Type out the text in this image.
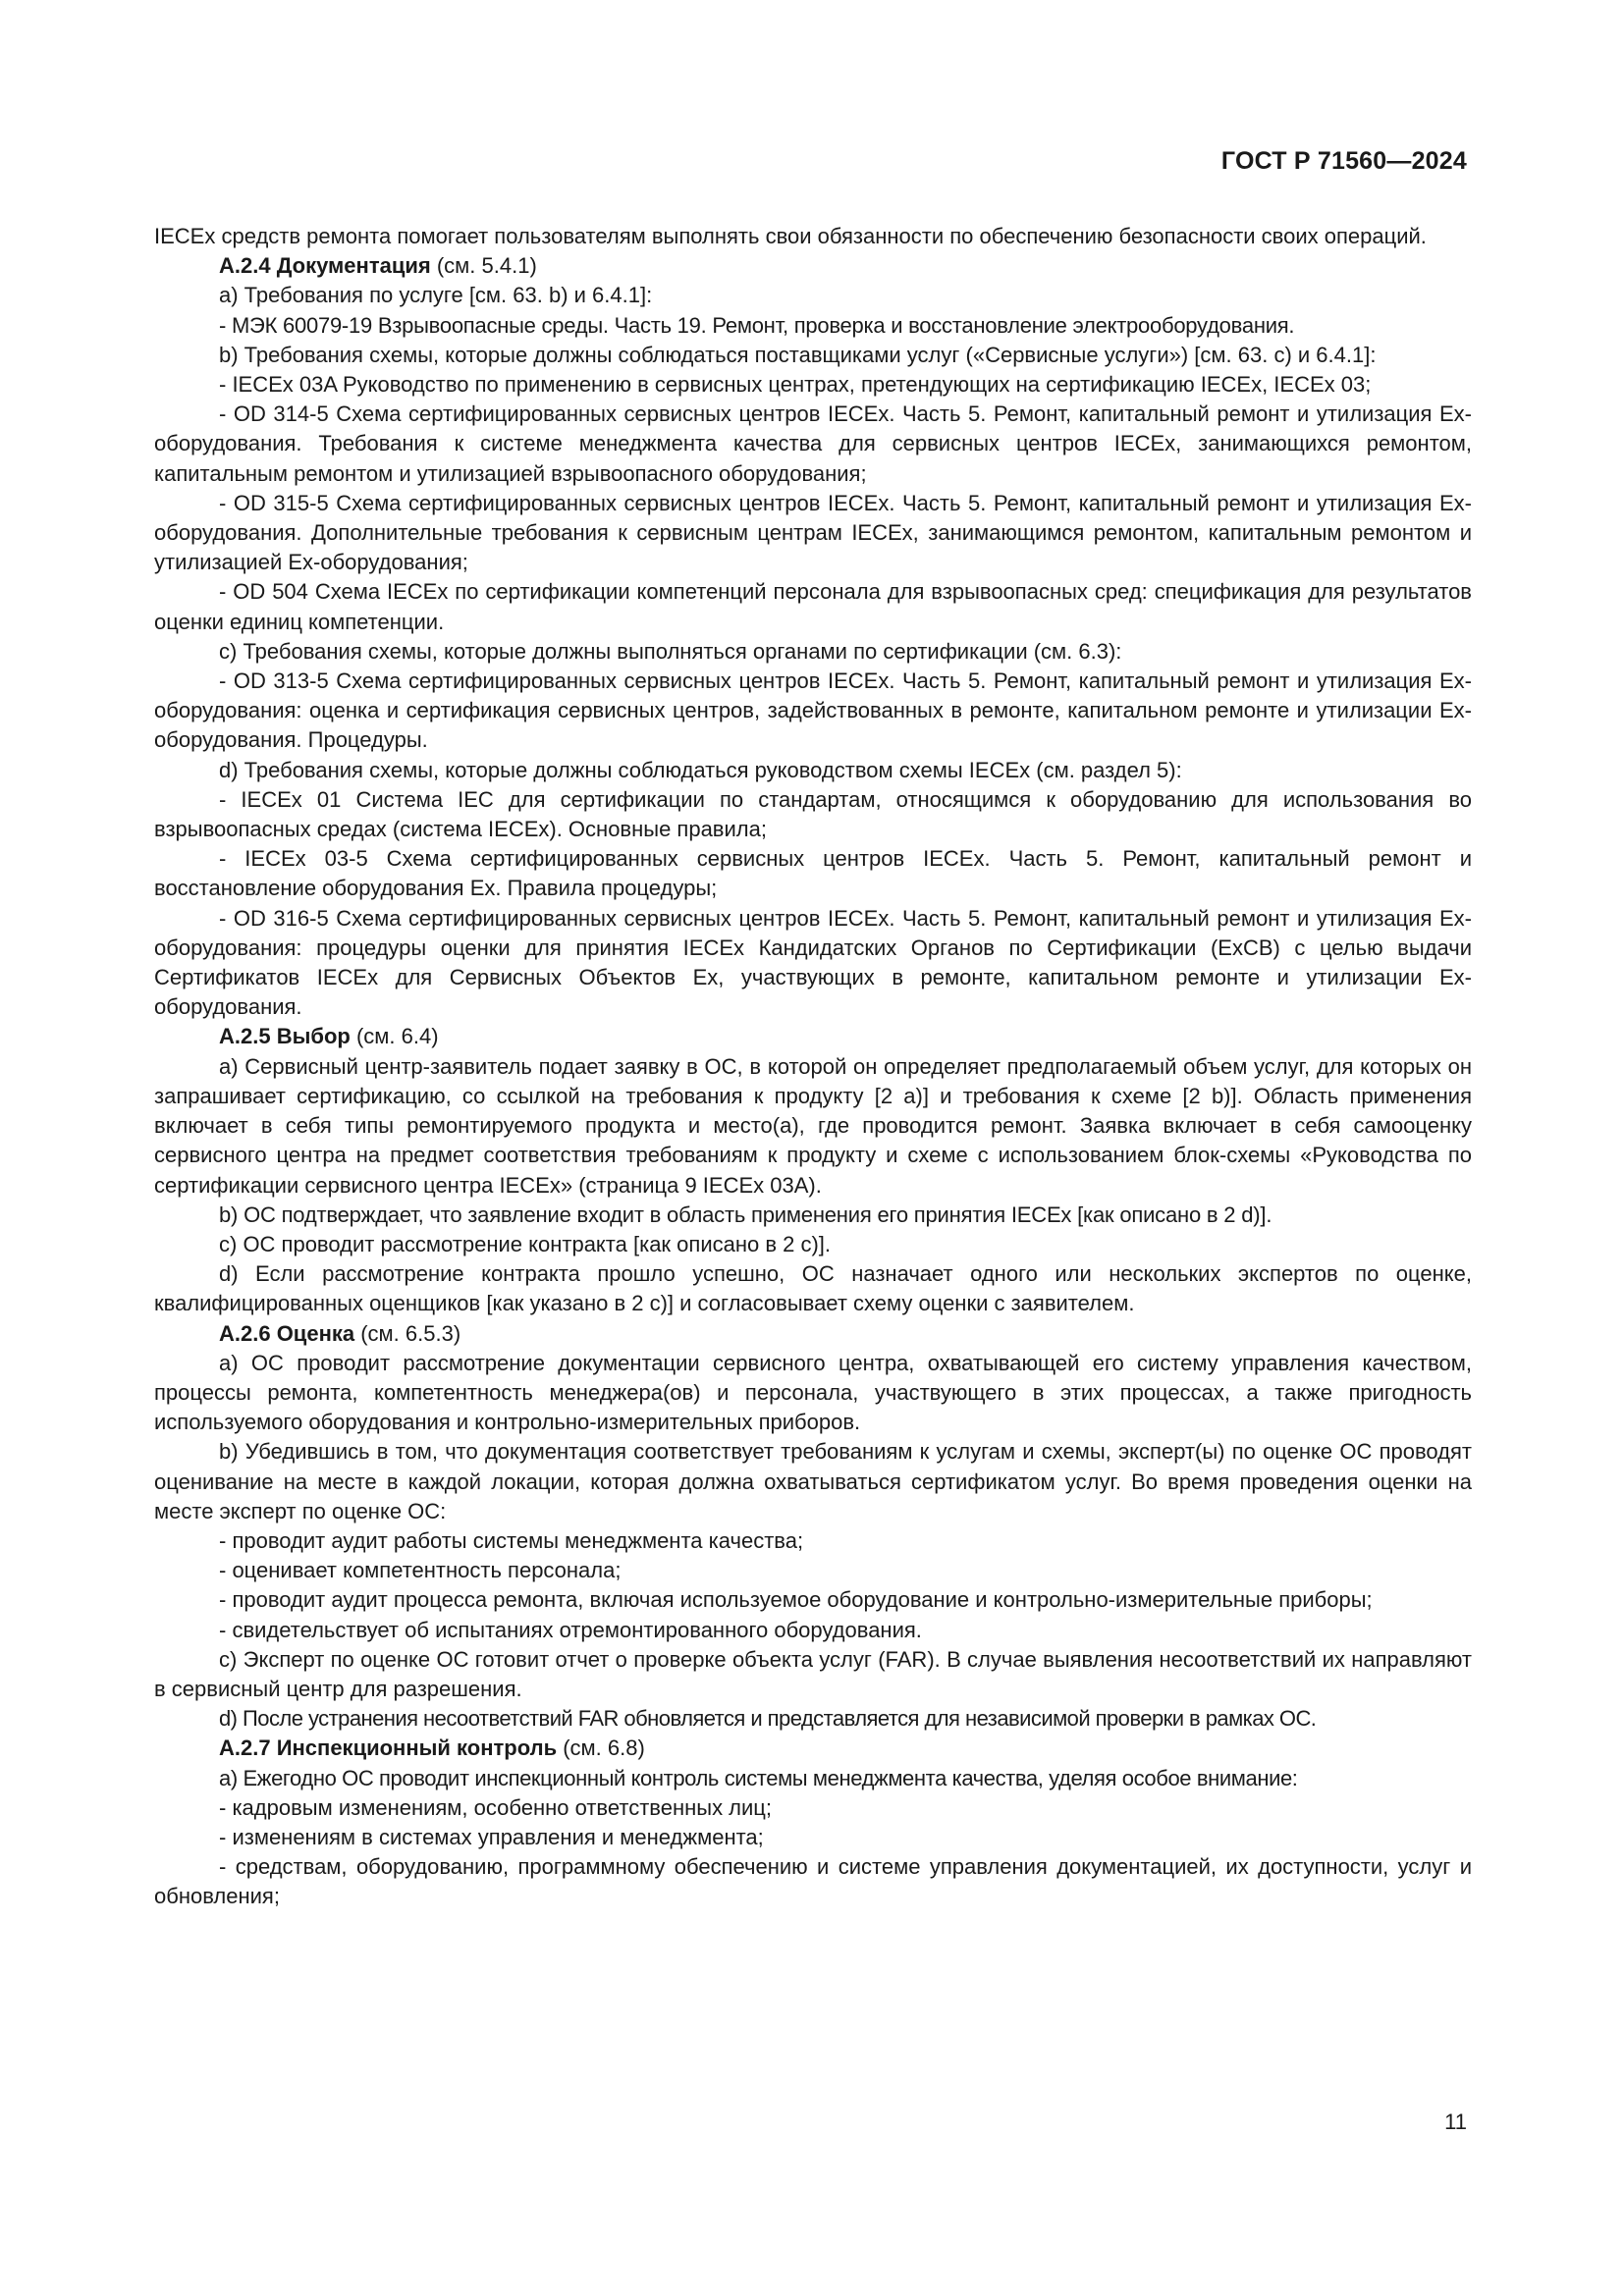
ГОСТ Р 71560—2024

IECEx средств ремонта помогает пользователям выполнять свои обязанности по обеспечению безопасности своих операций.

А.2.4 Документация (см. 5.4.1)

a) Требования по услуге [см. 63. b) и 6.4.1]:

- МЭК 60079-19 Взрывоопасные среды. Часть 19. Ремонт, проверка и восстановление электрооборудования.

b) Требования схемы, которые должны соблюдаться поставщиками услуг («Сервисные услуги») [см. 63. c) и 6.4.1]:

- IECEx 03A Руководство по применению в сервисных центрах, претендующих на сертификацию IECEx, IECEx 03;

- OD 314-5 Схема сертифицированных сервисных центров IECEx. Часть 5. Ремонт, капитальный ремонт и утилизация Ex-оборудования. Требования к системе менеджмента качества для сервисных центров IECEx, занимающихся ремонтом, капитальным ремонтом и утилизацией взрывоопасного оборудования;

- OD 315-5 Схема сертифицированных сервисных центров IECEx. Часть 5. Ремонт, капитальный ремонт и утилизация Ex-оборудования. Дополнительные требования к сервисным центрам IECEx, занимающимся ремонтом, капитальным ремонтом и утилизацией Ex-оборудования;

- OD 504 Схема IECEx по сертификации компетенций персонала для взрывоопасных сред: спецификация для результатов оценки единиц компетенции.

c) Требования схемы, которые должны выполняться органами по сертификации (см. 6.3):

- OD 313-5 Схема сертифицированных сервисных центров IECEx. Часть 5. Ремонт, капитальный ремонт и утилизация Ex-оборудования: оценка и сертификация сервисных центров, задействованных в ремонте, капитальном ремонте и утилизации Ex-оборудования. Процедуры.

d) Требования схемы, которые должны соблюдаться руководством схемы IECEx (см. раздел 5):

- IECEx 01 Система IEC для сертификации по стандартам, относящимся к оборудованию для использования во взрывоопасных средах (система IECEx). Основные правила;

- IECEx 03-5 Схема сертифицированных сервисных центров IECEx. Часть 5. Ремонт, капитальный ремонт и восстановление оборудования Ex. Правила процедуры;

- OD 316-5 Схема сертифицированных сервисных центров IECEx. Часть 5. Ремонт, капитальный ремонт и утилизация Ex-оборудования: процедуры оценки для принятия IECEx Кандидатских Органов по Сертификации (ExCB) с целью выдачи Сертификатов IECEx для Сервисных Объектов Ex, участвующих в ремонте, капитальном ремонте и утилизации Ex-оборудования.

А.2.5 Выбор (см. 6.4)

a) Сервисный центр-заявитель подает заявку в ОС, в которой он определяет предполагаемый объем услуг, для которых он запрашивает сертификацию, со ссылкой на требования к продукту [2 a)] и требования к схеме [2 b)]. Область применения включает в себя типы ремонтируемого продукта и место(а), где проводится ремонт. Заявка включает в себя самооценку сервисного центра на предмет соответствия требованиям к продукту и схеме с использованием блок-схемы «Руководства по сертификации сервисного центра IECEx» (страница 9 IECEx 03A).

b) ОС подтверждает, что заявление входит в область применения его принятия IECEx [как описано в 2 d)].

c) ОС проводит рассмотрение контракта [как описано в 2 c)].

d) Если рассмотрение контракта прошло успешно, ОС назначает одного или нескольких экспертов по оценке, квалифицированных оценщиков [как указано в 2 c)] и согласовывает схему оценки с заявителем.

А.2.6 Оценка (см. 6.5.3)

a) ОС проводит рассмотрение документации сервисного центра, охватывающей его систему управления качеством, процессы ремонта, компетентность менеджера(ов) и персонала, участвующего в этих процессах, а также пригодность используемого оборудования и контрольно-измерительных приборов.

b) Убедившись в том, что документация соответствует требованиям к услугам и схемы, эксперт(ы) по оценке ОС проводят оценивание на месте в каждой локации, которая должна охватываться сертификатом услуг. Во время проведения оценки на месте эксперт по оценке ОС:

- проводит аудит работы системы менеджмента качества;

- оценивает компетентность персонала;

- проводит аудит процесса ремонта, включая используемое оборудование и контрольно-измерительные приборы;

- свидетельствует об испытаниях отремонтированного оборудования.

c) Эксперт по оценке ОС готовит отчет о проверке объекта услуг (FAR). В случае выявления несоответствий их направляют в сервисный центр для разрешения.

d) После устранения несоответствий FAR обновляется и представляется для независимой проверки в рамках ОС.

А.2.7 Инспекционный контроль (см. 6.8)

a) Ежегодно ОС проводит инспекционный контроль системы менеджмента качества, уделяя особое внимание:

- кадровым изменениям, особенно ответственных лиц;

- изменениям в системах управления и менеджмента;

- средствам, оборудованию, программному обеспечению и системе управления документацией, их доступности, услуг и обновления;

11
